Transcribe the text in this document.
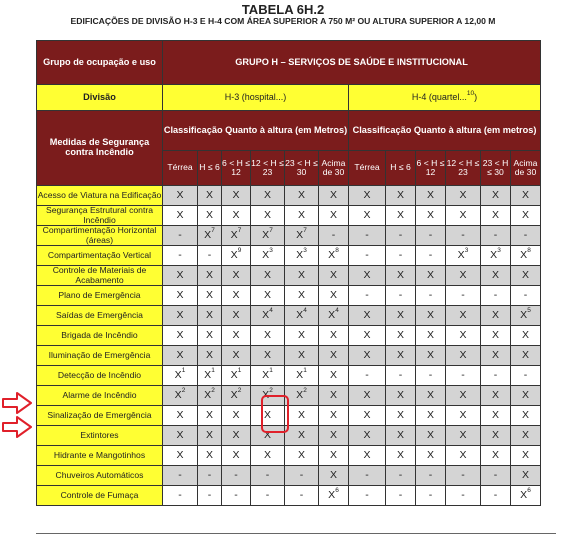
TABELA 6H.2
EDIFICAÇÕES DE DIVISÃO H-3 E H-4 COM ÁREA SUPERIOR A 750 M² OU ALTURA SUPERIOR A 12,00 M
Grupo de ocupação e uso	GRUPO H – SERVIÇOS DE SAÚDE E INSTITUCIONAL											
Divisão	H-3 (hospital...)						H-4 (quartel...$^{10}$)					
Medidas de Segurança contra Incêndio	Classificação Quanto à altura (em Metros)						Classificação Quanto à altura (em metros)					
	Térrea	H ≤ 6	6 < H ≤ 12	12 < H ≤ 23	23 < H ≤ 30	Acima de 30	Térrea	H ≤ 6	6 < H ≤ 12	12 < H ≤ 23	23 < H ≤ 30	Acima de 30
Acesso de Viatura na Edificação	X	X	X	X	X	X	X	X	X	X	X	X
Segurança Estrutural contra Incêndio	X	X	X	X	X	X	X	X	X	X	X	X
Compartimentação Horizontal (áreas)	-	$X^7$	$X^7$	$X^7$	$X^7$	-	-	-	-	-	-	-
Compartimentação Vertical	-	-	$X^9$	$X^3$	$X^3$	$X^8$	-	-	-	$X^3$	$X^3$	$X^8$
Controle de Materiais de Acabamento	X	X	X	X	X	X	X	X	X	X	X	X
Plano de Emergência	X	X	X	X	X	X	-	-	-	-	-	-
Saídas de Emergência	X	X	X	$X^4$	$X^4$	$X^4$	X	X	X	X	X	$X^5$
Brigada de Incêndio	X	X	X	X	X	X	X	X	X	X	X	X
Iluminação de Emergência	X	X	X	X	X	X	X	X	X	X	X	X
Detecção de Incêndio	$X^1$	$X^1$	$X^1$	$X^1$	$X^1$	X	-	-	-	-	-	-
Alarme de Incêndio	$X^2$	$X^2$	$X^2$	$X^2$	$X^2$	X	X	X	X	X	X	X
Sinalização de Emergência	X	X	X	X	X	X	X	X	X	X	X	X
Extintores	X	X	X	X	X	X	X	X	X	X	X	X
Hidrante e Mangotinhos	X	X	X	X	X	X	X	X	X	X	X	X
Chuveiros Automáticos	-	-	-	-	-	X	-	-	-	-	-	X
Controle de Fumaça	-	-	-	-	-	$X^6$	-	-	-	-	-	$X^6$
